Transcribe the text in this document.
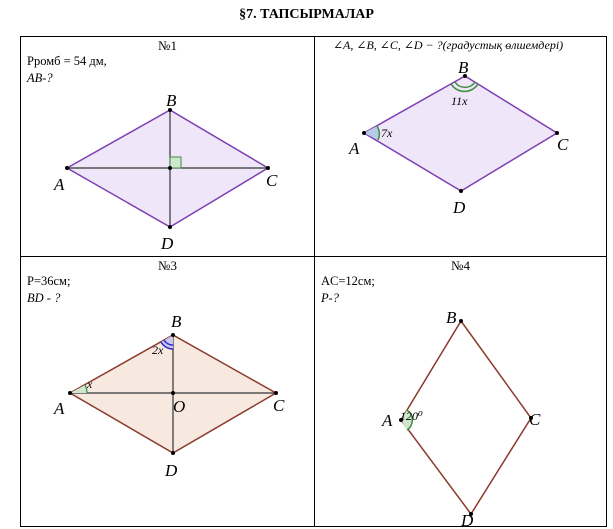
§7. ТАПСЫРМАЛАР
№1
Pромб = 54 дм,
AB-?
A
B
C
D
∠A, ∠B, ∠C, ∠D − ?(градустық өлшемдері)
7x
11x
A
B
C
D
№3
P=36см;
BD - ?
x
2x
A
B
C
O
D
№4
AC=12см;
P-?
120⁰
A
B
C
D
